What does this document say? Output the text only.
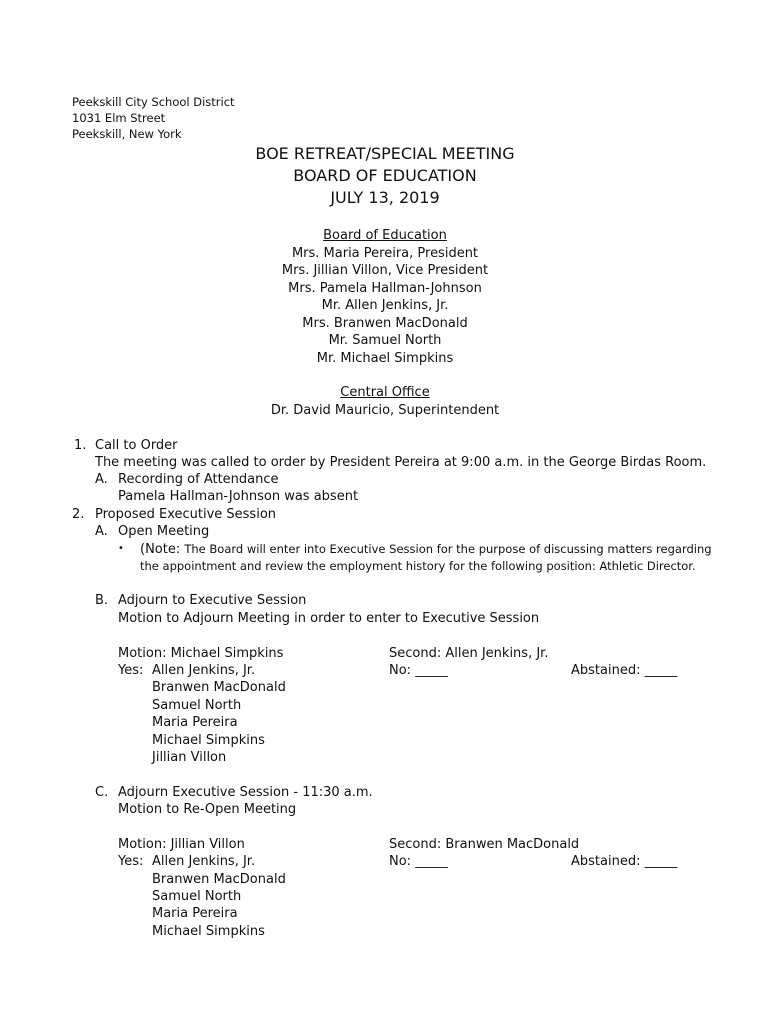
Peekskill City School District
1031 Elm Street
Peekskill, New York
BOE RETREAT/SPECIAL MEETING
BOARD OF EDUCATION
JULY 13, 2019
Board of Education
Mrs. Maria Pereira, President
Mrs. Jillian Villon, Vice President
Mrs. Pamela Hallman-Johnson
Mr. Allen Jenkins, Jr.
Mrs. Branwen MacDonald
Mr. Samuel North
Mr. Michael Simpkins
Central Office
Dr. David Mauricio, Superintendent
1. Call to Order
The meeting was called to order by President Pereira at 9:00 a.m. in the George Birdas Room.
A. Recording of Attendance
Pamela Hallman-Johnson was absent
2. Proposed Executive Session
A. Open Meeting
• (Note: The Board will enter into Executive Session for the purpose of discussing matters regarding
the appointment and review the employment history for the following position: Athletic Director.
B. Adjourn to Executive Session
Motion to Adjourn Meeting in order to enter to Executive Session
Motion: Michael Simpkins	Second: Allen Jenkins, Jr.
Yes: Allen Jenkins, Jr.	No: _____	Abstained: _____
Branwen MacDonald
Samuel North
Maria Pereira
Michael Simpkins
Jillian Villon
C. Adjourn Executive Session - 11:30 a.m.
Motion to Re-Open Meeting
Motion: Jillian Villon	Second: Branwen MacDonald
Yes: Allen Jenkins, Jr.	No: _____	Abstained: _____
Branwen MacDonald
Samuel North
Maria Pereira
Michael Simpkins
